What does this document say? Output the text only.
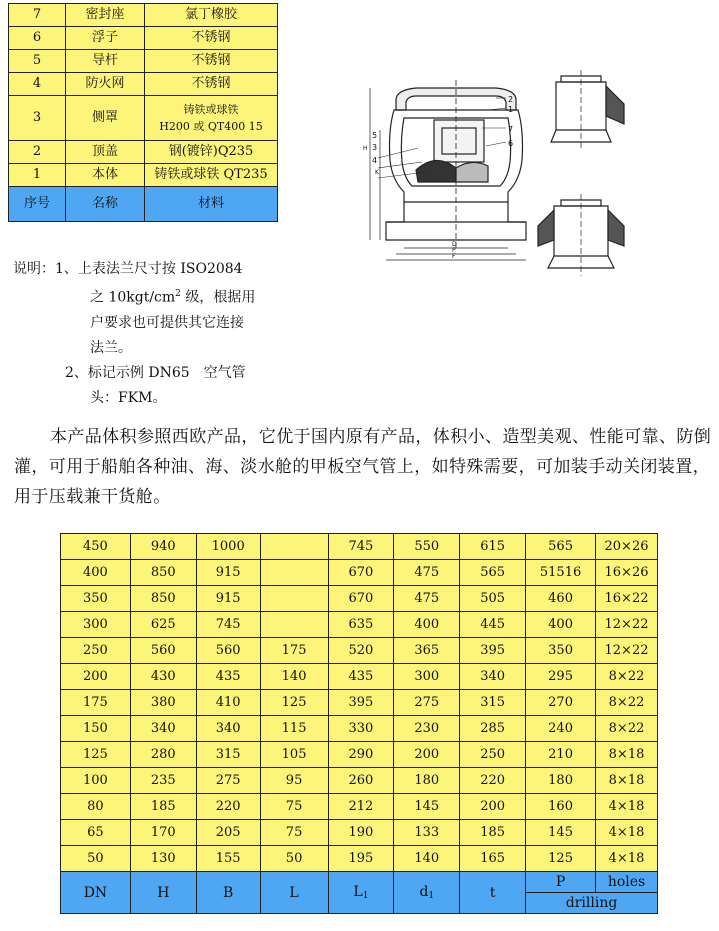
7	密封座	氯丁橡胶
6	浮子	不锈钢
5	导杆	不锈钢
4	防火网	不锈钢
3	侧罩	铸铁或球铁
H200 或 QT400 15

2	顶盖	钢(镀锌)Q235
1	本体	铸铁或球铁 QT235
序号	名称	材料
2
1
7
6
5
3
4
H
K
D
P
F
说明：1、上表法兰尺寸按 ISO2084
之 $10kgt/cm^2$ 级，根据用
户要求也可提供其它连接
法兰。
2、标记示例 DN65　空气管
头：FKM。

本产品体积参照西欧产品，它优于国内原有产品，体积小、造型美观、性能可靠、防倒灌，可用于船舶各种油、海、淡水舱的甲板空气管上，如特殊需要，可加装手动关闭装置，用于压载兼干货舱。

450	940	1000		745	550	615	565	20×26
400	850	915		670	475	565	51516	16×26
350	850	915		670	475	505	460	16×22
300	625	745		635	400	445	400	12×22
250	560	560	175	520	365	395	350	12×22
200	430	435	140	435	300	340	295	8×22
175	380	410	125	395	275	315	270	8×22
150	340	340	115	330	230	285	240	8×22
125	280	315	105	290	200	250	210	8×18
100	235	275	95	260	180	220	180	8×18
80	185	220	75	212	145	200	160	4×18
65	170	205	75	190	133	185	145	4×18
50	130	155	50	195	140	165	125	4×18
DN	H	B	L	$L_1$	$d_1$	t	P	holes
							drilling	
